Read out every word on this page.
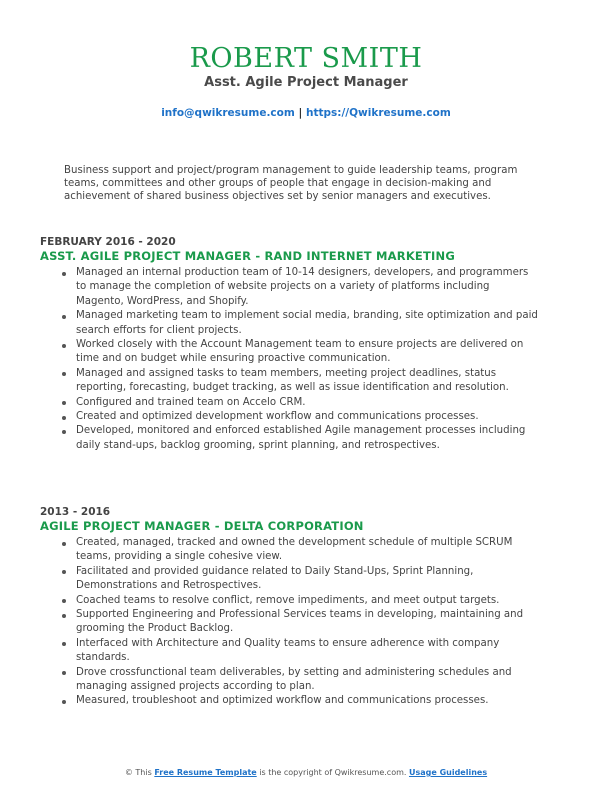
ROBERT SMITH
Asst. Agile Project Manager
info@qwikresume.com | https://Qwikresume.com
Business support and project/program management to guide leadership teams, program teams, committees and other groups of people that engage in decision-making and achievement of shared business objectives set by senior managers and executives.
FEBRUARY 2016 - 2020
ASST. AGILE PROJECT MANAGER - RAND INTERNET MARKETING
Managed an internal production team of 10-14 designers, developers, and programmers to manage the completion of website projects on a variety of platforms including Magento, WordPress, and Shopify.
Managed marketing team to implement social media, branding, site optimization and paid search efforts for client projects.
Worked closely with the Account Management team to ensure projects are delivered on time and on budget while ensuring proactive communication.
Managed and assigned tasks to team members, meeting project deadlines, status reporting, forecasting, budget tracking, as well as issue identification and resolution.
Configured and trained team on Accelo CRM.
Created and optimized development workflow and communications processes.
Developed, monitored and enforced established Agile management processes including daily stand-ups, backlog grooming, sprint planning, and retrospectives.
2013 - 2016
AGILE PROJECT MANAGER - DELTA CORPORATION
Created, managed, tracked and owned the development schedule of multiple SCRUM teams, providing a single cohesive view.
Facilitated and provided guidance related to Daily Stand-Ups, Sprint Planning, Demonstrations and Retrospectives.
Coached teams to resolve conflict, remove impediments, and meet output targets.
Supported Engineering and Professional Services teams in developing, maintaining and grooming the Product Backlog.
Interfaced with Architecture and Quality teams to ensure adherence with company standards.
Drove crossfunctional team deliverables, by setting and administering schedules and managing assigned projects according to plan.
Measured, troubleshoot and optimized workflow and communications processes.
© This Free Resume Template is the copyright of Qwikresume.com. Usage Guidelines
